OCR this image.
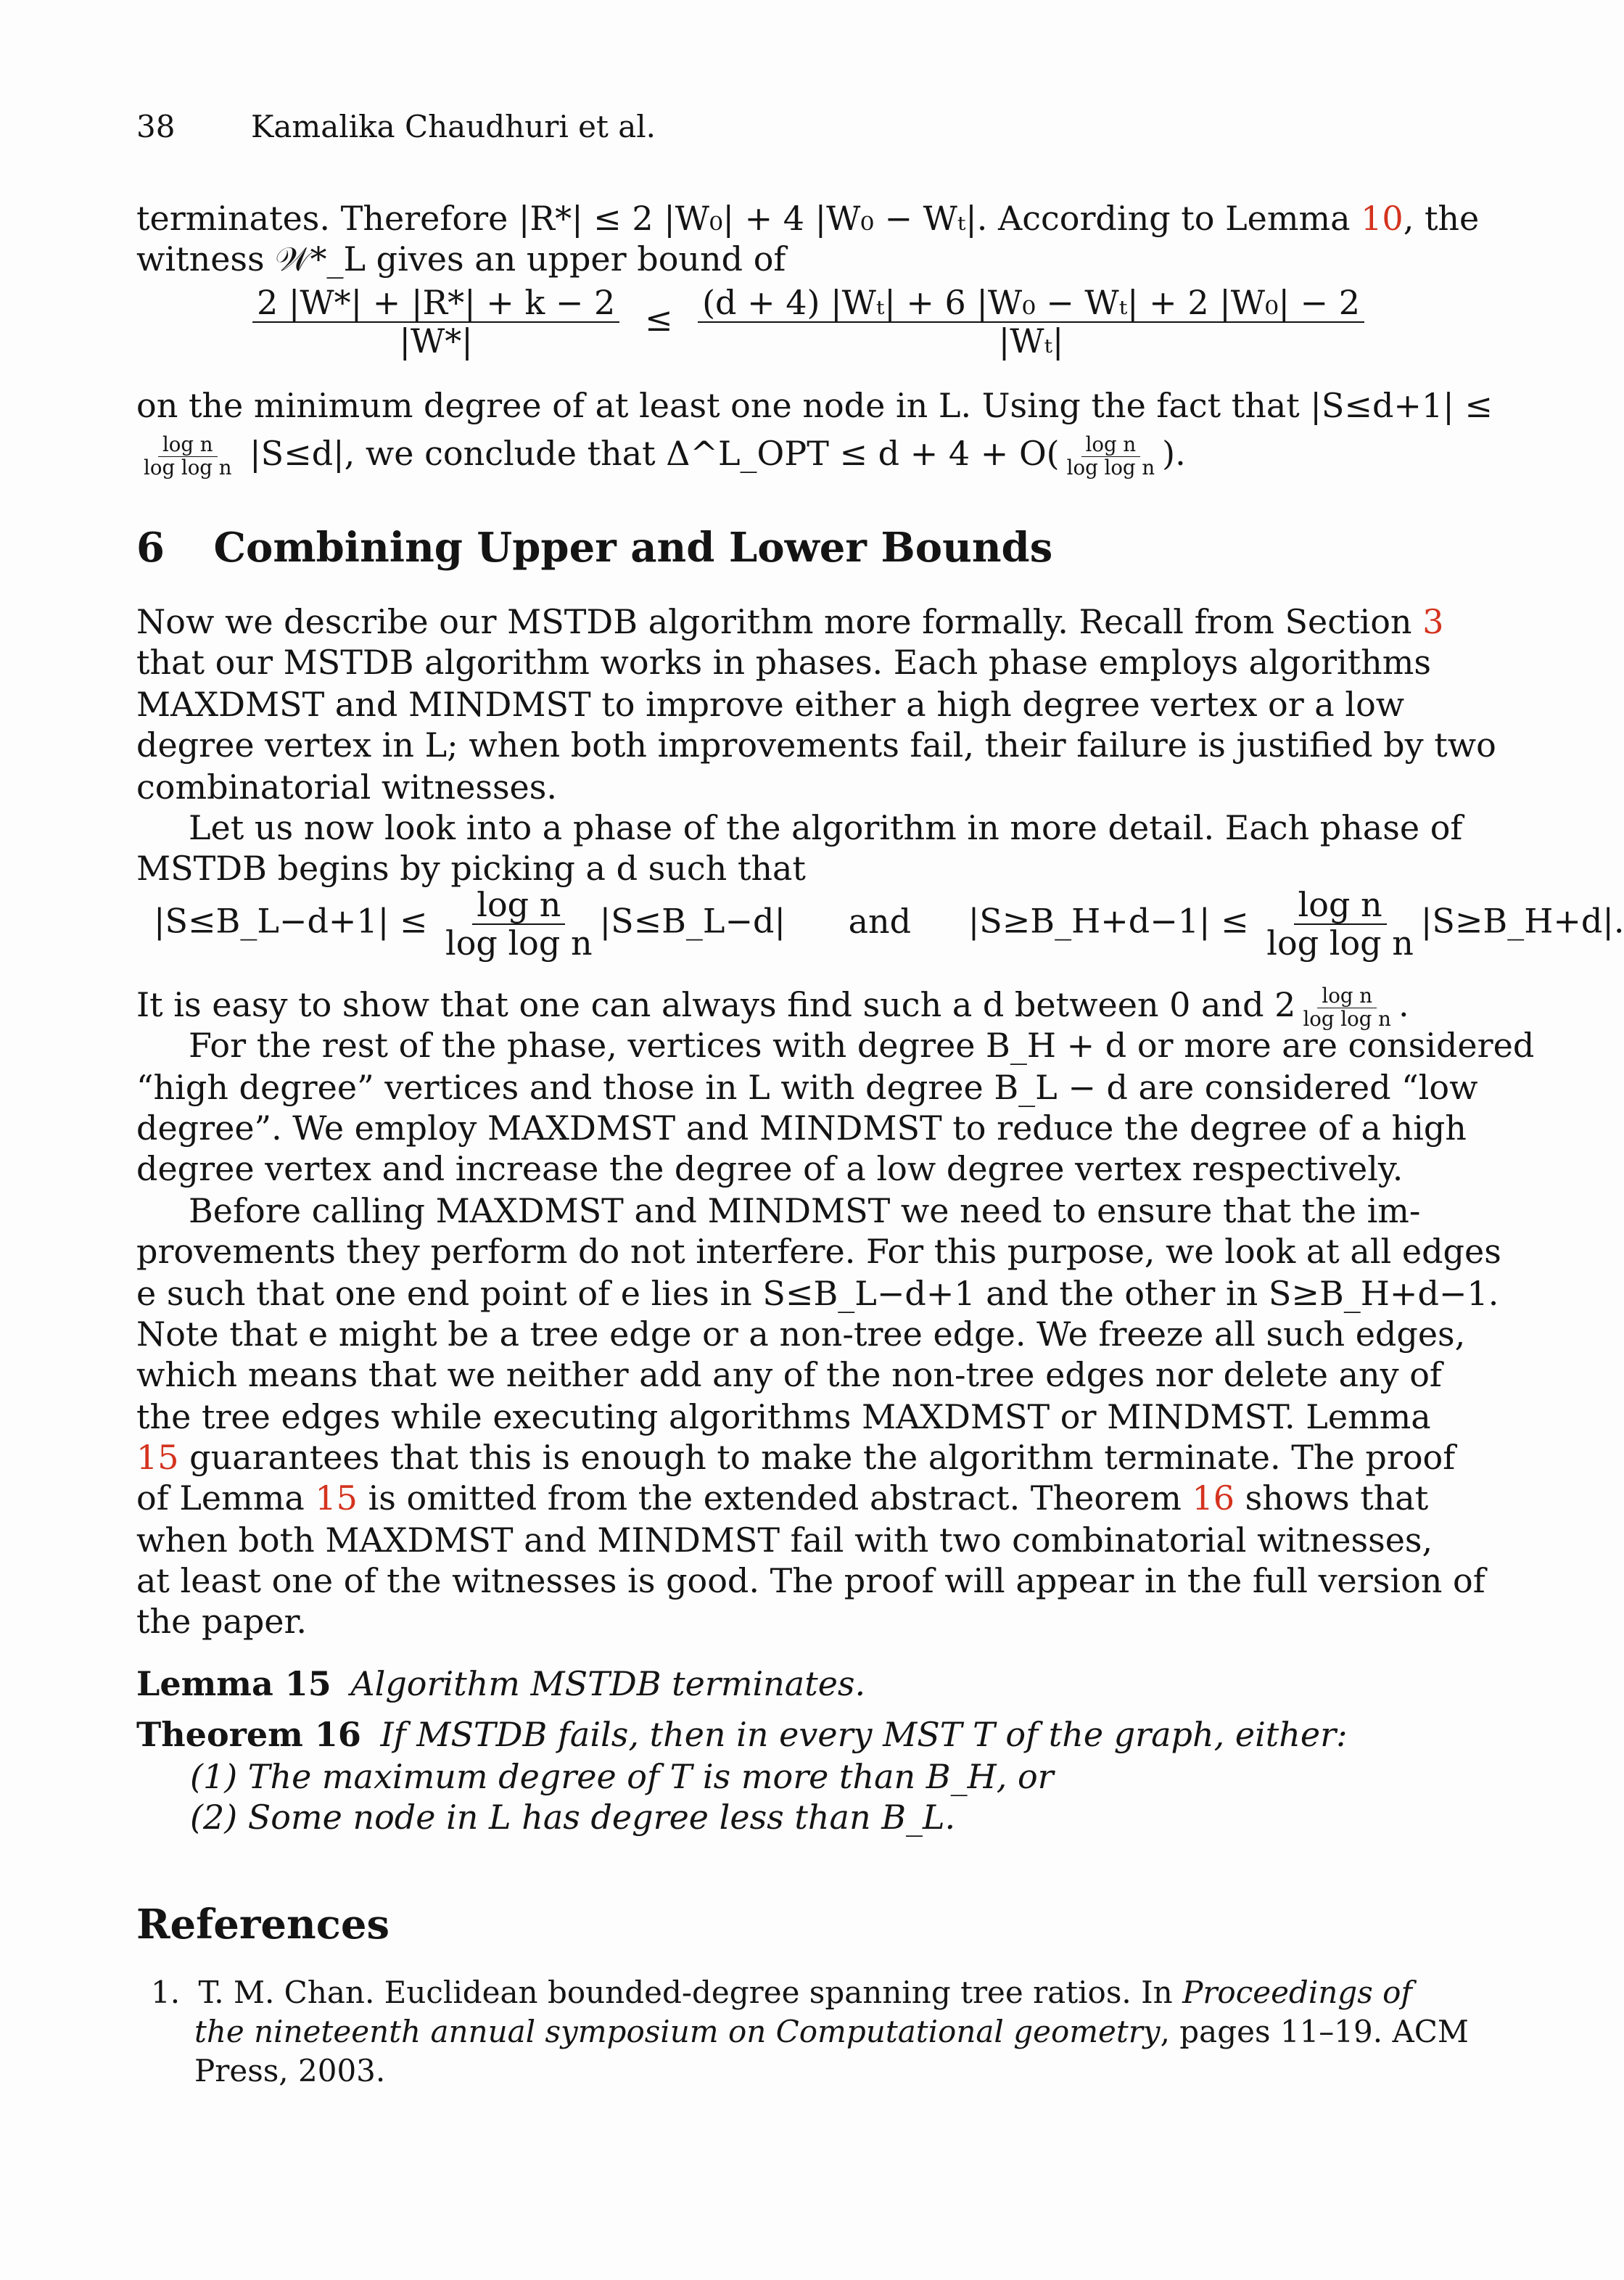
38 Kamalika Chaudhuri et al.
terminates. Therefore |R*| ≤ 2 |W₀| + 4 |W₀ − Wₜ|. According to Lemma 10, the
witness 𝒲*_L gives an upper bound of
$\frac{2 |W*| + |R*| + k - 2}{|W*|} \le \frac{\text{(d + 4) |Wₜ| + 6 |W₀ − Wₜ| + 2 |W₀| − 2}}{\text{|Wₜ|}}$
on the minimum degree of at least one node in L. Using the fact that |S≤d+1| ≤
$\frac{\text{log n}}{\text{log log n}} |S\le d|$, we conclude that Δ^L_OPT ≤ $d + 4 + O( \frac{\text{log n}}{\text{log log n}}$ ).
6 Combining Upper and Lower Bounds
Now we describe our MSTDB algorithm more formally. Recall from Section 3
that our MSTDB algorithm works in phases. Each phase employs algorithms
MAXDMST and MINDMST to improve either a high degree vertex or a low
degree vertex in L; when both improvements fail, their failure is justified by two
combinatorial witnesses.
Let us now look into a phase of the algorithm in more detail. Each phase of
MSTDB begins by picking a d such that
|S≤B_L−d+1| ≤ $\frac{\text{log n}}{\text{log log n}}$ |S≤B_L−d| and |S≥B_H+d−1| ≤ $\frac{\text{log n}}{\text{log log n}}$ |S≥B_H+d|.
It is easy to show that one can always find such a d between 0 and $2 \frac{\text{log n}}{\text{log log n}}$ .
For the rest of the phase, vertices with degree B_H + d or more are considered
“high degree” vertices and those in L with degree B_L − d are considered “low
degree”. We employ MAXDMST and MINDMST to reduce the degree of a high
degree vertex and increase the degree of a low degree vertex respectively.
Before calling MAXDMST and MINDMST we need to ensure that the im-
provements they perform do not interfere. For this purpose, we look at all edges
e such that one end point of e lies in S≤B_L−d+1 and the other in S≥B_H+d−1.
Note that e might be a tree edge or a non-tree edge. We freeze all such edges,
which means that we neither add any of the non-tree edges nor delete any of
the tree edges while executing algorithms MAXDMST or MINDMST. Lemma
15 guarantees that this is enough to make the algorithm terminate. The proof
of Lemma 15 is omitted from the extended abstract. Theorem 16 shows that
when both MAXDMST and MINDMST fail with two combinatorial witnesses,
at least one of the witnesses is good. The proof will appear in the full version of
the paper.
Lemma 15 Algorithm MSTDB terminates.
Theorem 16 If MSTDB fails, then in every MST T of the graph, either:
(1) The maximum degree of T is more than B_H, or
(2) Some node in L has degree less than B_L.
References
1. T. M. Chan. Euclidean bounded-degree spanning tree ratios. In Proceedings of
the nineteenth annual symposium on Computational geometry, pages 11–19. ACM
Press, 2003.
